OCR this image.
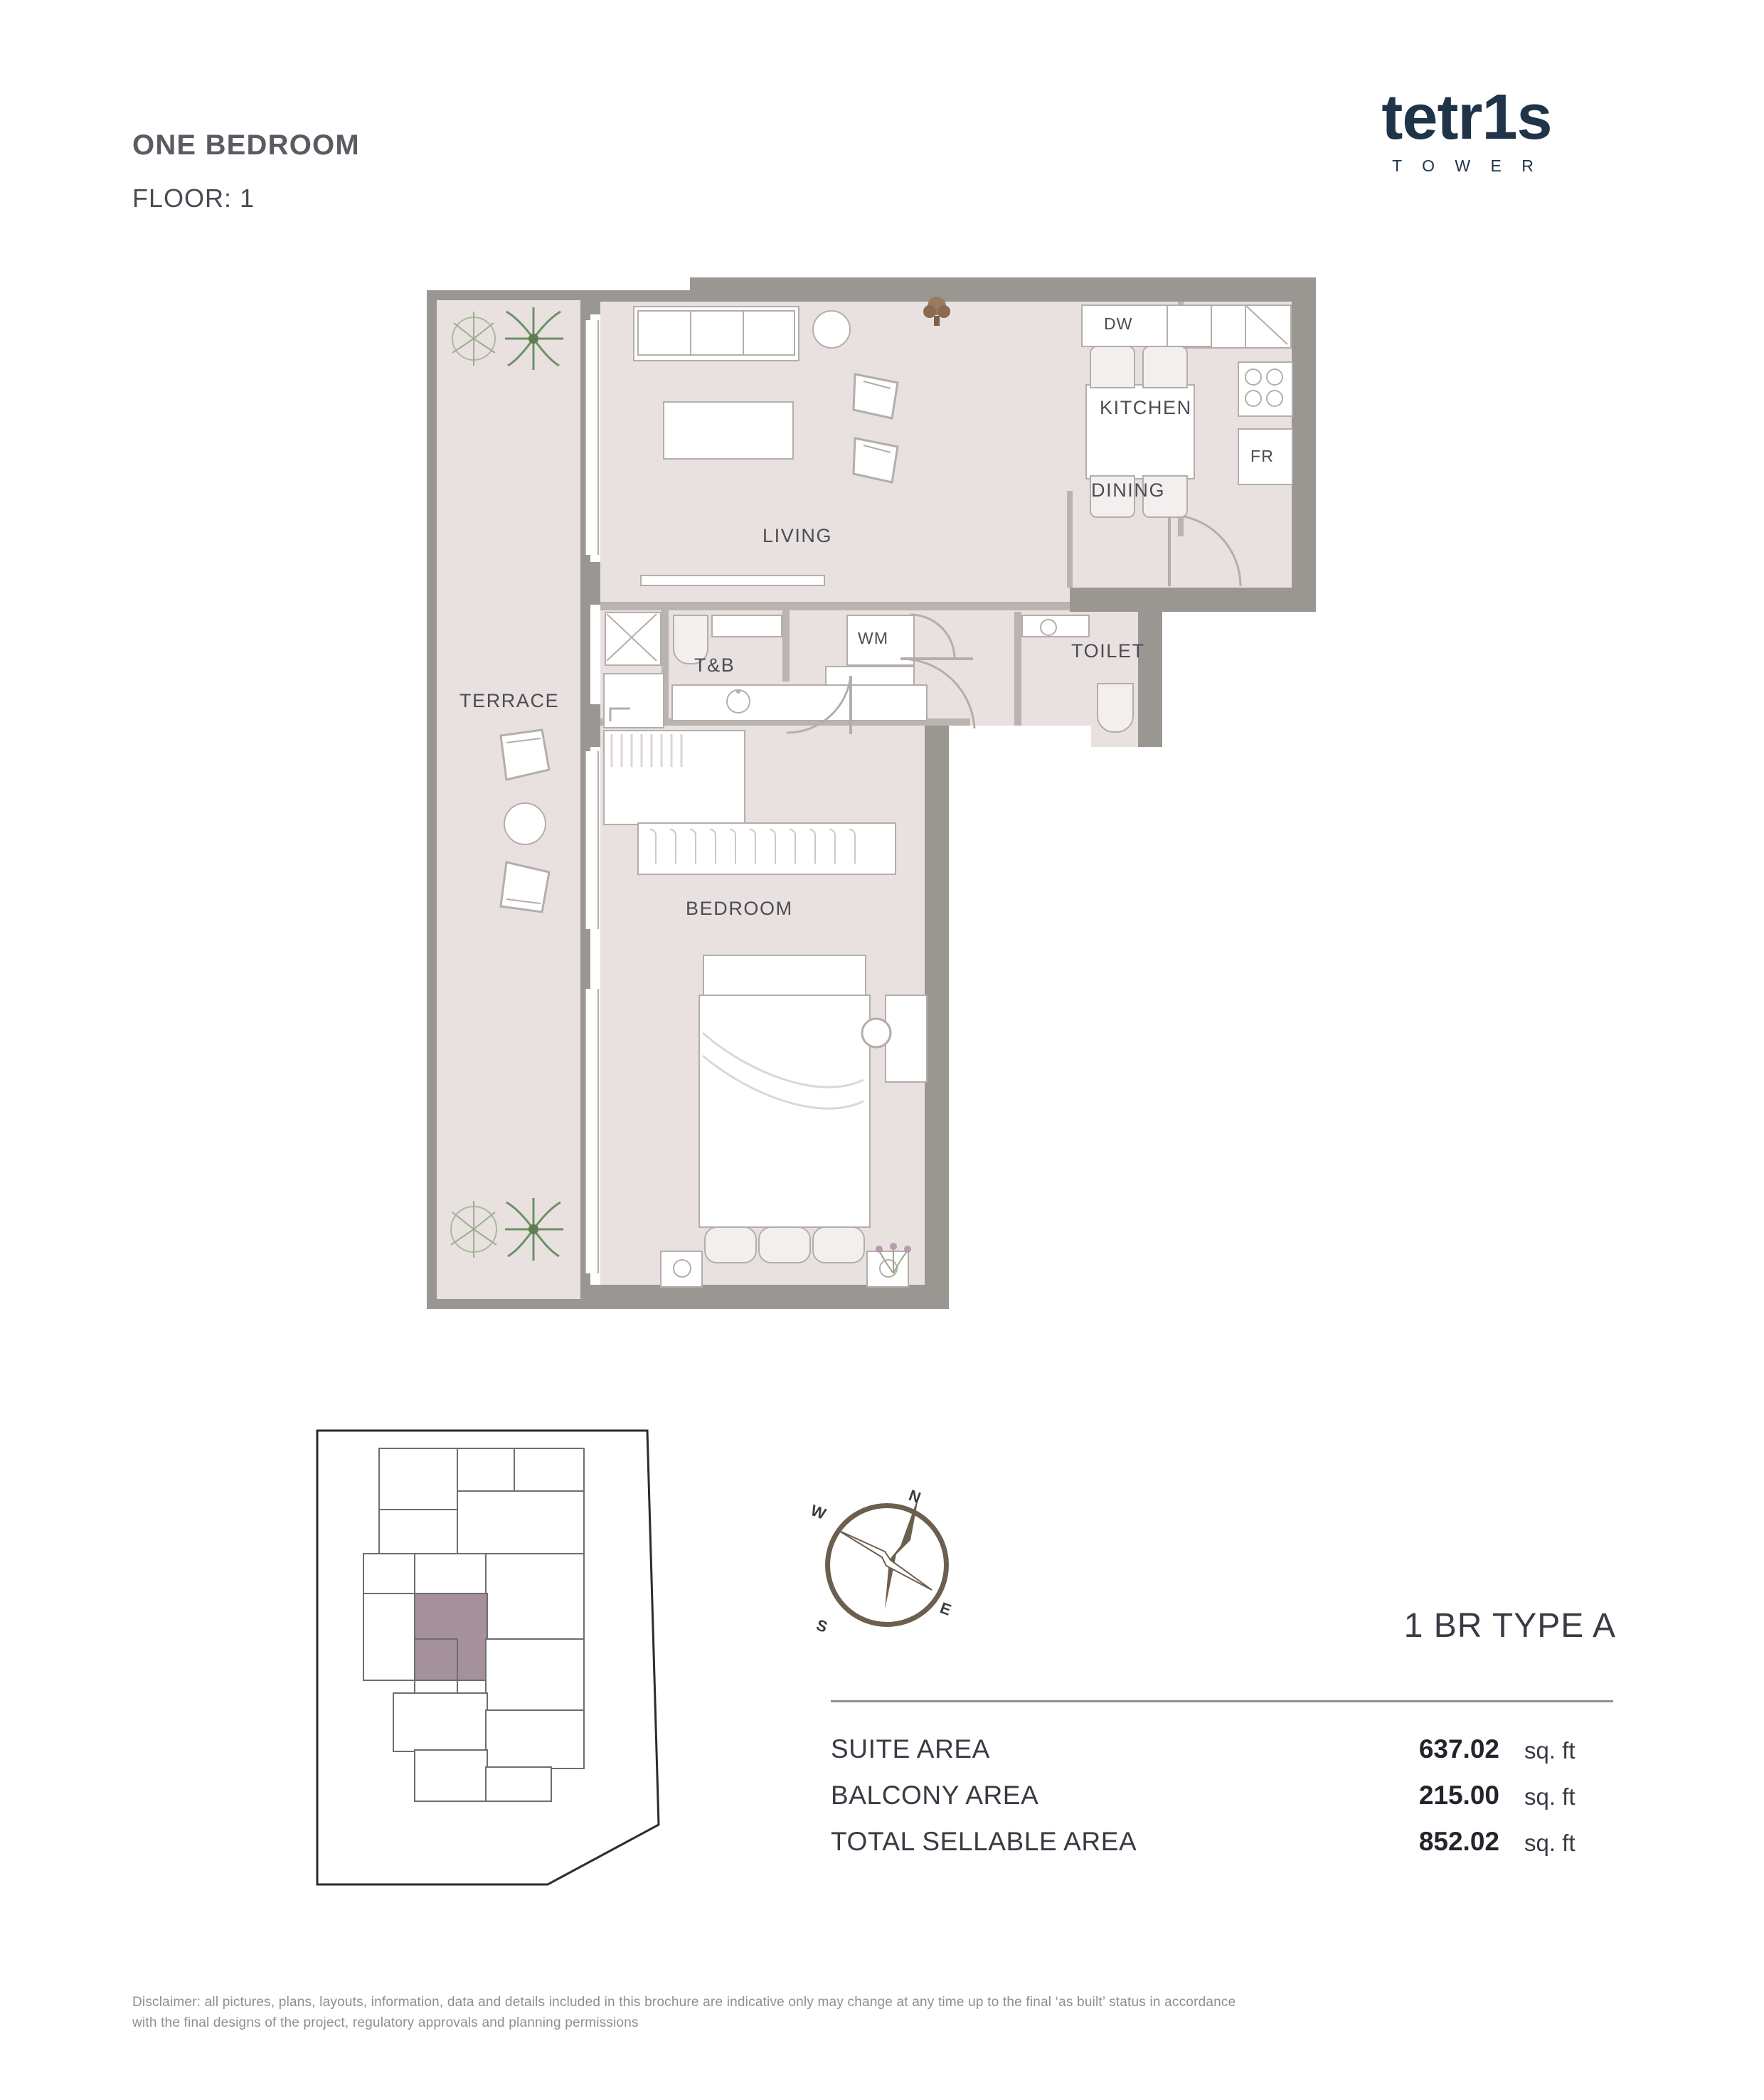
ONE BEDROOM
FLOOR: 1
tetr1s
T O W E R
LIVING
DINING
KITCHEN
TERRACE
T&B
TOILET
BEDROOM
DW
FR
WM
N
E
S
W
1 BR TYPE A
SUITE AREA	637.02 sq. ft
BALCONY AREA	215.00 sq. ft
TOTAL SELLABLE AREA	852.02 sq. ft
Disclaimer: all pictures, plans, layouts, information, data and details included in this brochure are indicative only may change at any time up to the final ‘as built’ status in accordance
with the final designs of the project, regulatory approvals and planning permissions
